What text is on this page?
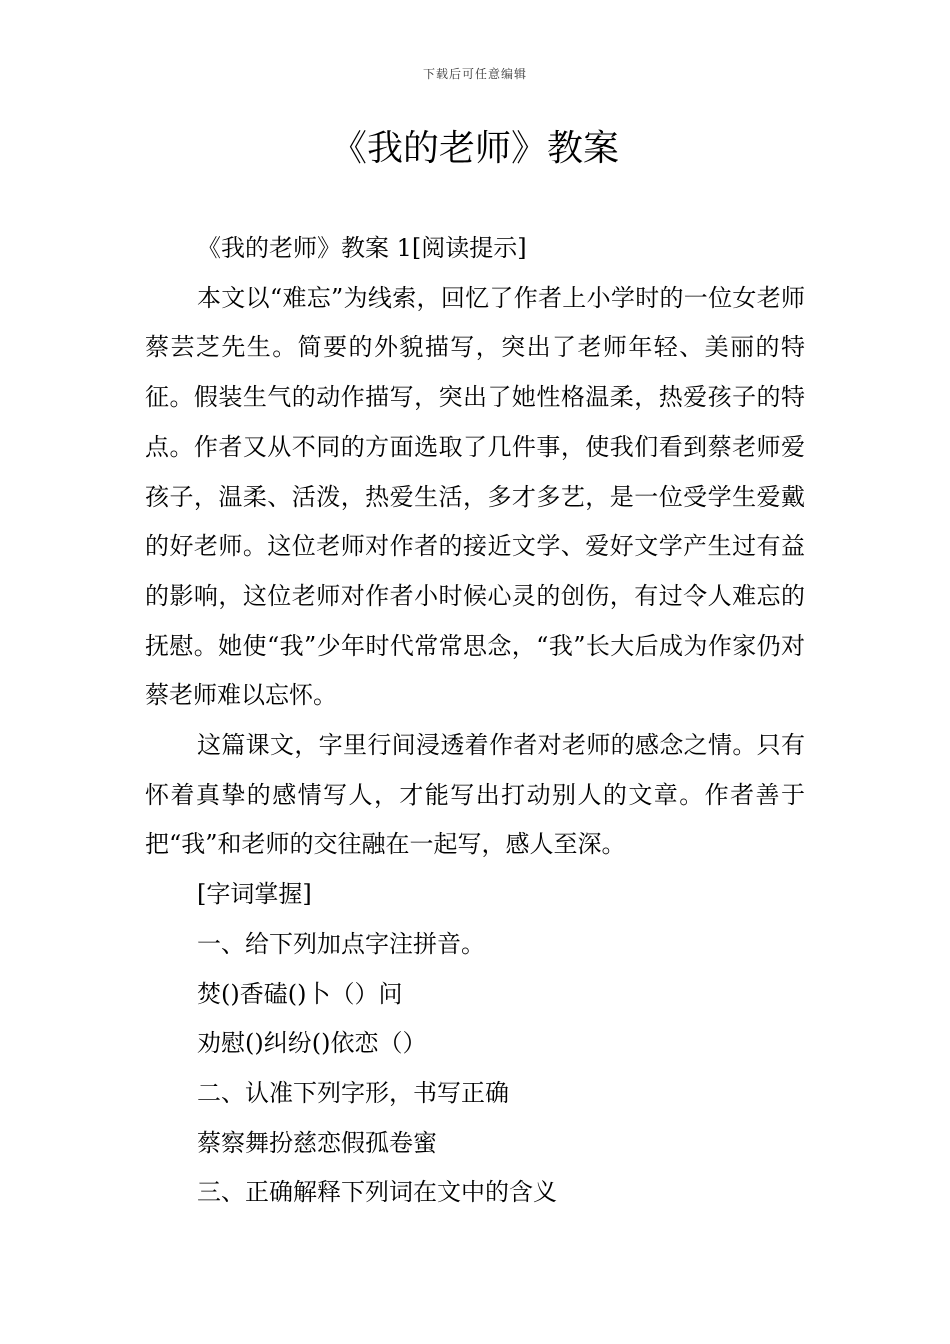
下载后可任意编辑
《我的老师》教案

《我的老师》教案 1[阅读提示]

本文以“难忘”为线索，回忆了作者上小学时的一位女老师蔡芸芝先生。简要的外貌描写，突出了老师年轻、美丽的特征。假装生气的动作描写，突出了她性格温柔，热爱孩子的特点。作者又从不同的方面选取了几件事，使我们看到蔡老师爱孩子，温柔、活泼，热爱生活，多才多艺，是一位受学生爱戴的好老师。这位老师对作者的接近文学、爱好文学产生过有益的影响，这位老师对作者小时候心灵的创伤，有过令人难忘的抚慰。她使“我”少年时代常常思念，“我”长大后成为作家仍对蔡老师难以忘怀。

这篇课文，字里行间浸透着作者对老师的感念之情。只有怀着真挚的感情写人，才能写出打动别人的文章。作者善于把“我”和老师的交往融在一起写，感人至深。

[字词掌握]

一、给下列加点字注拼音。

焚()香磕()卜（）问

劝慰()纠纷()依恋（）

二、认准下列字形，书写正确

蔡察舞扮慈恋假孤卷蜜

三、正确解释下列词在文中的含义
